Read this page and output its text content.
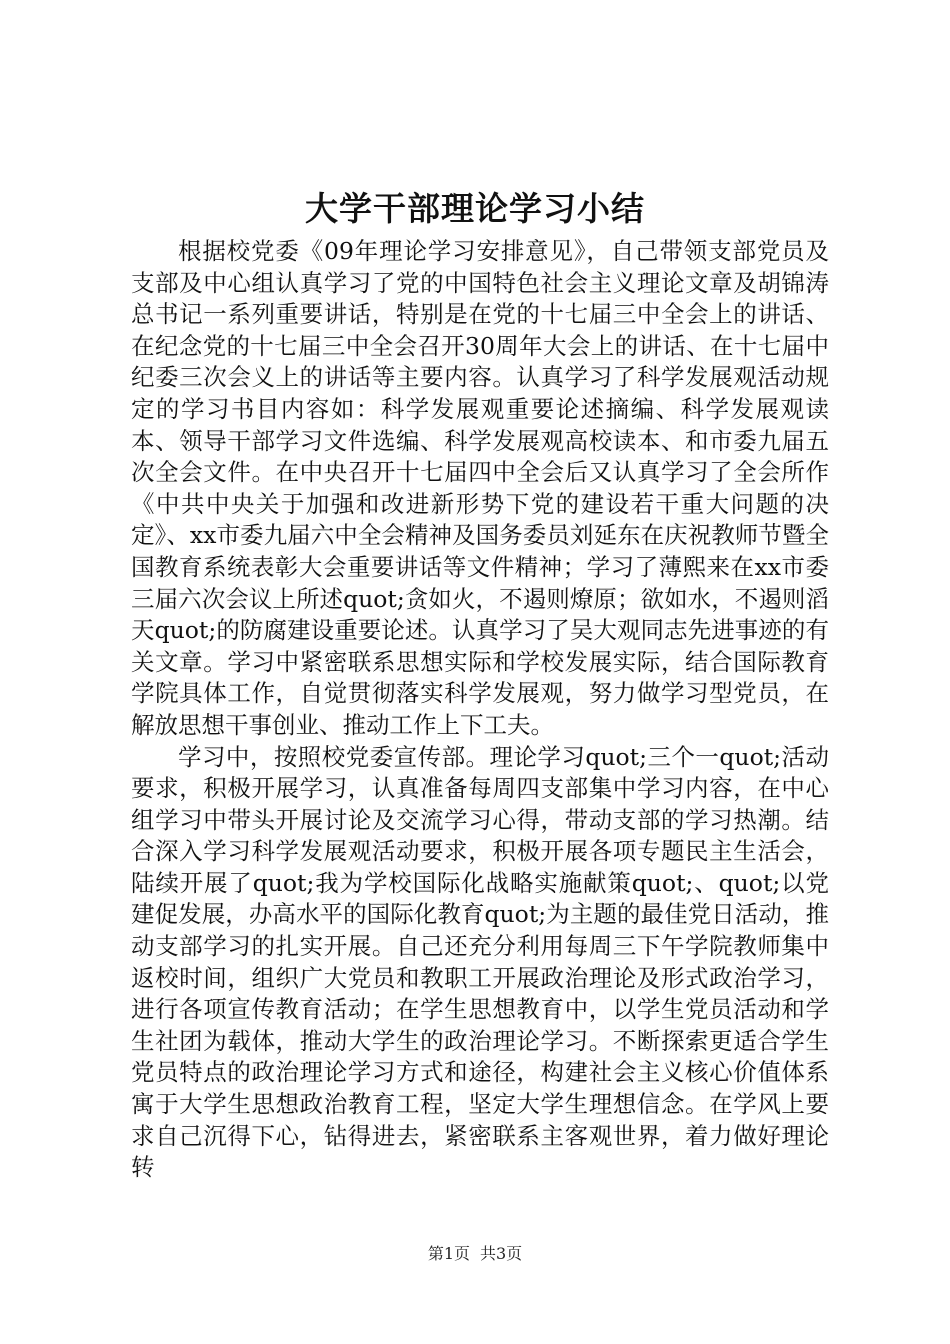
大学干部理论学习小结

根据校党委《09年理论学习安排意见》，自己带领支部党员及支部及中心组认真学习了党的中国特色社会主义理论文章及胡锦涛总书记一系列重要讲话，特别是在党的十七届三中全会上的讲话、在纪念党的十七届三中全会召开30周年大会上的讲话、在十七届中纪委三次会义上的讲话等主要内容。认真学习了科学发展观活动规定的学习书目内容如：科学发展观重要论述摘编、科学发展观读本、领导干部学习文件选编、科学发展观高校读本、和市委九届五次全会文件。在中央召开十七届四中全会后又认真学习了全会所作《中共中央关于加强和改进新形势下党的建设若干重大问题的决定》、xx市委九届六中全会精神及国务委员刘延东在庆祝教师节暨全国教育系统表彰大会重要讲话等文件精神；学习了薄熙来在xx市委三届六次会议上所述quot;贪如火，不遏则燎原；欲如水，不遏则滔天quot;的防腐建设重要论述。认真学习了吴大观同志先进事迹的有关文章。学习中紧密联系思想实际和学校发展实际，结合国际教育学院具体工作，自觉贯彻落实科学发展观，努力做学习型党员，在解放思想干事创业、推动工作上下工夫。

学习中，按照校党委宣传部。理论学习quot;三个一quot;活动要求，积极开展学习，认真准备每周四支部集中学习内容，在中心组学习中带头开展讨论及交流学习心得，带动支部的学习热潮。结合深入学习科学发展观活动要求，积极开展各项专题民主生活会，陆续开展了quot;我为学校国际化战略实施献策quot;、quot;以党建促发展，办高水平的国际化教育quot;为主题的最佳党日活动，推动支部学习的扎实开展。自己还充分利用每周三下午学院教师集中返校时间，组织广大党员和教职工开展政治理论及形式政治学习，进行各项宣传教育活动；在学生思想教育中，以学生党员活动和学生社团为载体，推动大学生的政治理论学习。不断探索更适合学生党员特点的政治理论学习方式和途径，构建社会主义核心价值体系寓于大学生思想政治教育工程，坚定大学生理想信念。在学风上要求自己沉得下心，钻得进去，紧密联系主客观世界，着力做好理论转

第1页 共3页
